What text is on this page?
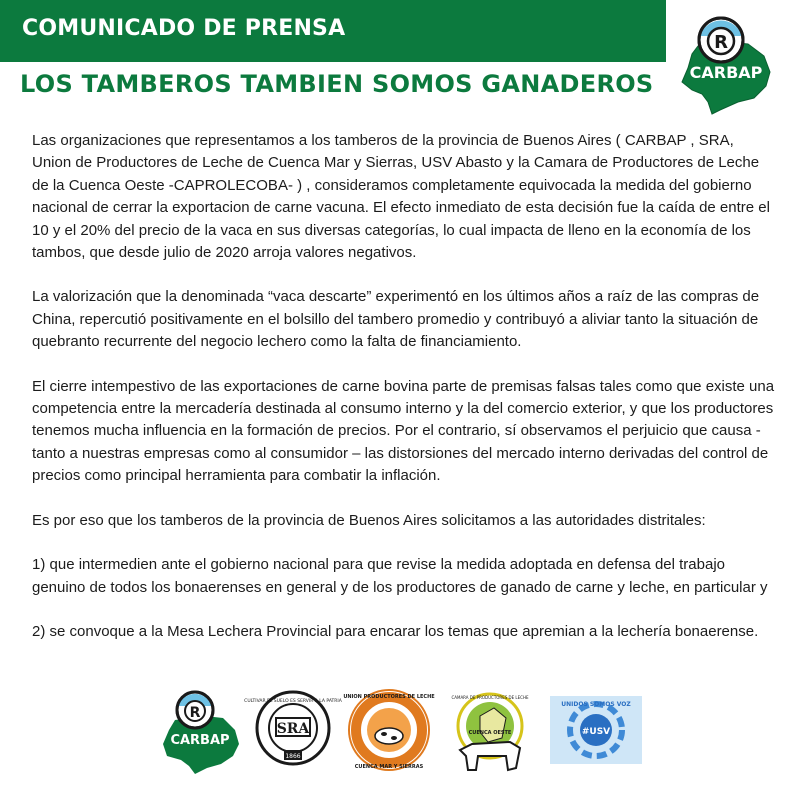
COMUNICADO DE PRENSA
LOS TAMBEROS TAMBIEN SOMOS GANADEROS
R
CARBAP

Las organizaciones que representamos a los tamberos de la provincia de Buenos Aires ( CARBAP , SRA, Union de Productores de Leche de Cuenca Mar y Sierras, USV Abasto y la Camara de Productores de Leche de la Cuenca Oeste -CAPROLECOBA- ) , consideramos completamente equivocada la medida del gobierno nacional de cerrar la exportacion de carne vacuna. El efecto inmediato de esta decisión fue la caída de entre el 10 y el 20% del precio de la vaca en sus diversas categorías, lo cual impacta de lleno en la economía de los tambos, que desde julio de 2020 arroja valores negativos.

La valorización que la denominada “vaca descarte” experimentó en los últimos años a raíz de las compras de China, repercutió positivamente en el bolsillo del tambero promedio y contribuyó a aliviar tanto la situación de quebranto recurrente del negocio lechero como la falta de financiamiento.

El cierre intempestivo de las exportaciones de carne bovina parte de premisas falsas tales como que existe una competencia entre la mercadería destinada al consumo interno y la del comercio exterior, y que los productores tenemos mucha influencia en la formación de precios. Por el contrario, sí observamos el perjuicio que causa - tanto a nuestras empresas como al consumidor – las distorsiones del mercado interno derivadas del control de precios como principal herramienta para combatir la inflación.

Es por eso que los tamberos de la provincia de Buenos Aires solicitamos a las autoridades distritales:

1) que intermedien ante el gobierno nacional para que revise la medida adoptada en defensa del trabajo genuino de todos los bonaerenses en general y de los productores de ganado de carne y leche, en particular y

2) se convoque a la Mesa Lechera Provincial para encarar los temas que apremian a la lechería bonaerense.

R
CARBAP
SRA
1866
CULTIVAR EL SUELO ES SERVIR A LA PATRIA
UNION PRODUCTORES DE LECHE
CUENCA MAR Y SIERRAS
CUENCA OESTE
CAMARA DE PRODUCTORES DE LECHE
#USV
UNIDOS SOMOS VOZ
